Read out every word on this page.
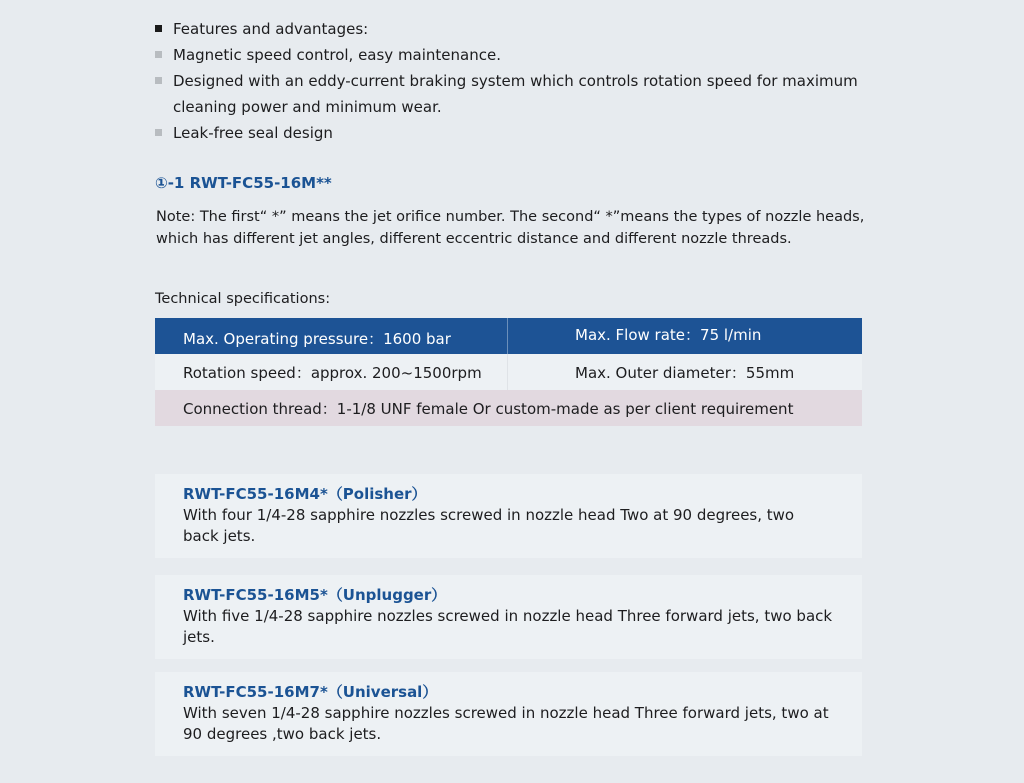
Features and advantages:
Magnetic speed control, easy maintenance.
Designed with an eddy-current braking system which controls rotation speed for maximum cleaning power and minimum wear.
Leak-free seal design
①-1 RWT-FC55-16M**
Note: The first“ *” means the jet orifice number. The second“ *”means the types of nozzle heads, which has different jet angles, different eccentric distance and different nozzle threads.
Technical specifications:
Max. Operating pressure：1600 bar	Max. Flow rate：75 l/min
Rotation speed：approx. 200~1500rpm	Max. Outer diameter：55mm
Connection thread：1-1/8 UNF female Or custom-made as per client requirement
RWT-FC55-16M4*（Polisher）
With four 1/4-28 sapphire nozzles screwed in nozzle head Two at 90 degrees, two back jets.
RWT-FC55-16M5*（Unplugger）
With five 1/4-28 sapphire nozzles screwed in nozzle head Three forward jets, two back jets.
RWT-FC55-16M7*（Universal）
With seven 1/4-28 sapphire nozzles screwed in nozzle head Three forward jets, two at 90 degrees ,two back jets.
